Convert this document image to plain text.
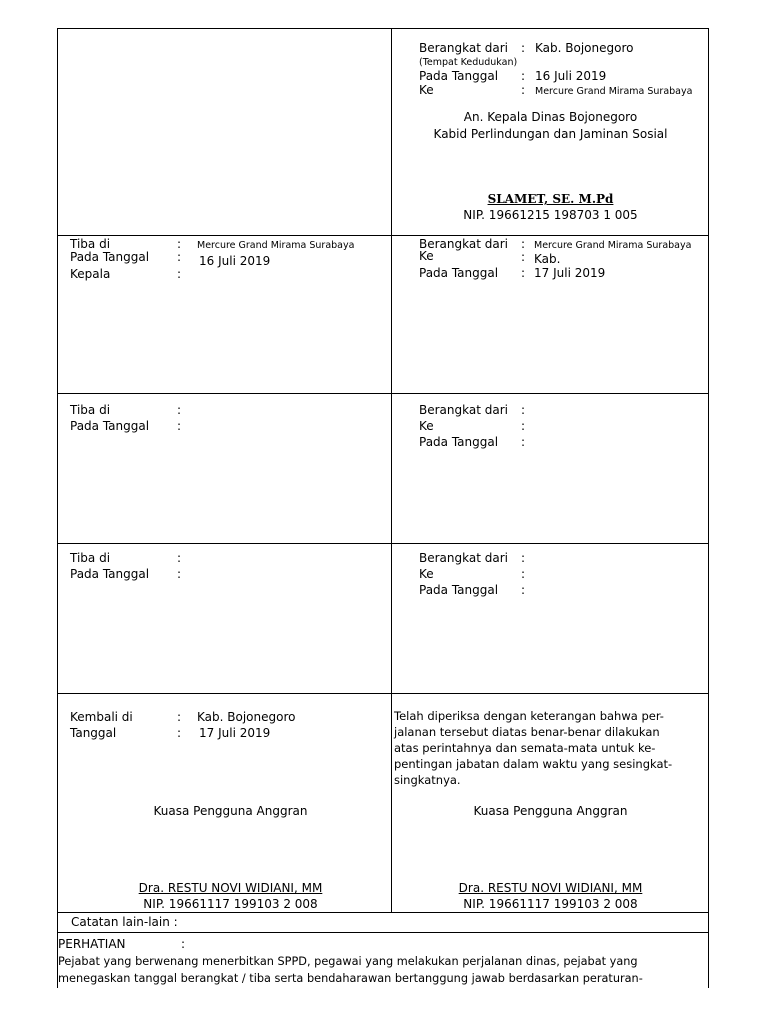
Berangkat dari : Kab. Bojonegoro
(Tempat Kedudukan)
Pada Tanggal : 16 Juli 2019
Ke	: Mercure Grand Mirama Surabaya
An. Kepala Dinas Bojonegoro
Kabid Perlindungan dan Jaminan Sosial
SLAMET, SE. M.Pd
NIP. 19661215 198703 1 005
Tiba di	: Mercure Grand Mirama Surabaya
Pada Tanggal : 16 Juli 2019
Kepala	:
Berangkat dari : Mercure Grand Mirama Surabaya
Ke	: Kab.
Pada Tanggal : 17 Juli 2019
Tiba di	:
Pada Tanggal :
Berangkat dari :
Ke	:
Pada Tanggal :
Tiba di	:
Pada Tanggal :
Berangkat dari :
Ke	:
Pada Tanggal :
Kembali di	: Kab. Bojonegoro
Tanggal	: 17 Juli 2019
Kuasa Pengguna Anggran
Dra. RESTU NOVI WIDIANI, MM
NIP. 19661117 199103 2 008
Telah diperiksa dengan keterangan bahwa per-
jalanan tersebut diatas benar-benar dilakukan
atas perintahnya dan semata-mata untuk ke-
pentingan jabatan dalam waktu yang sesingkat-
singkatnya.
Kuasa Pengguna Anggran
Dra. RESTU NOVI WIDIANI, MM
NIP. 19661117 199103 2 008
Catatan lain-lain :
PERHATIAN	:
Pejabat yang berwenang menerbitkan SPPD, pegawai yang melakukan perjalanan dinas, pejabat yang
menegaskan tanggal berangkat / tiba serta bendaharawan bertanggung jawab berdasarkan peraturan-
